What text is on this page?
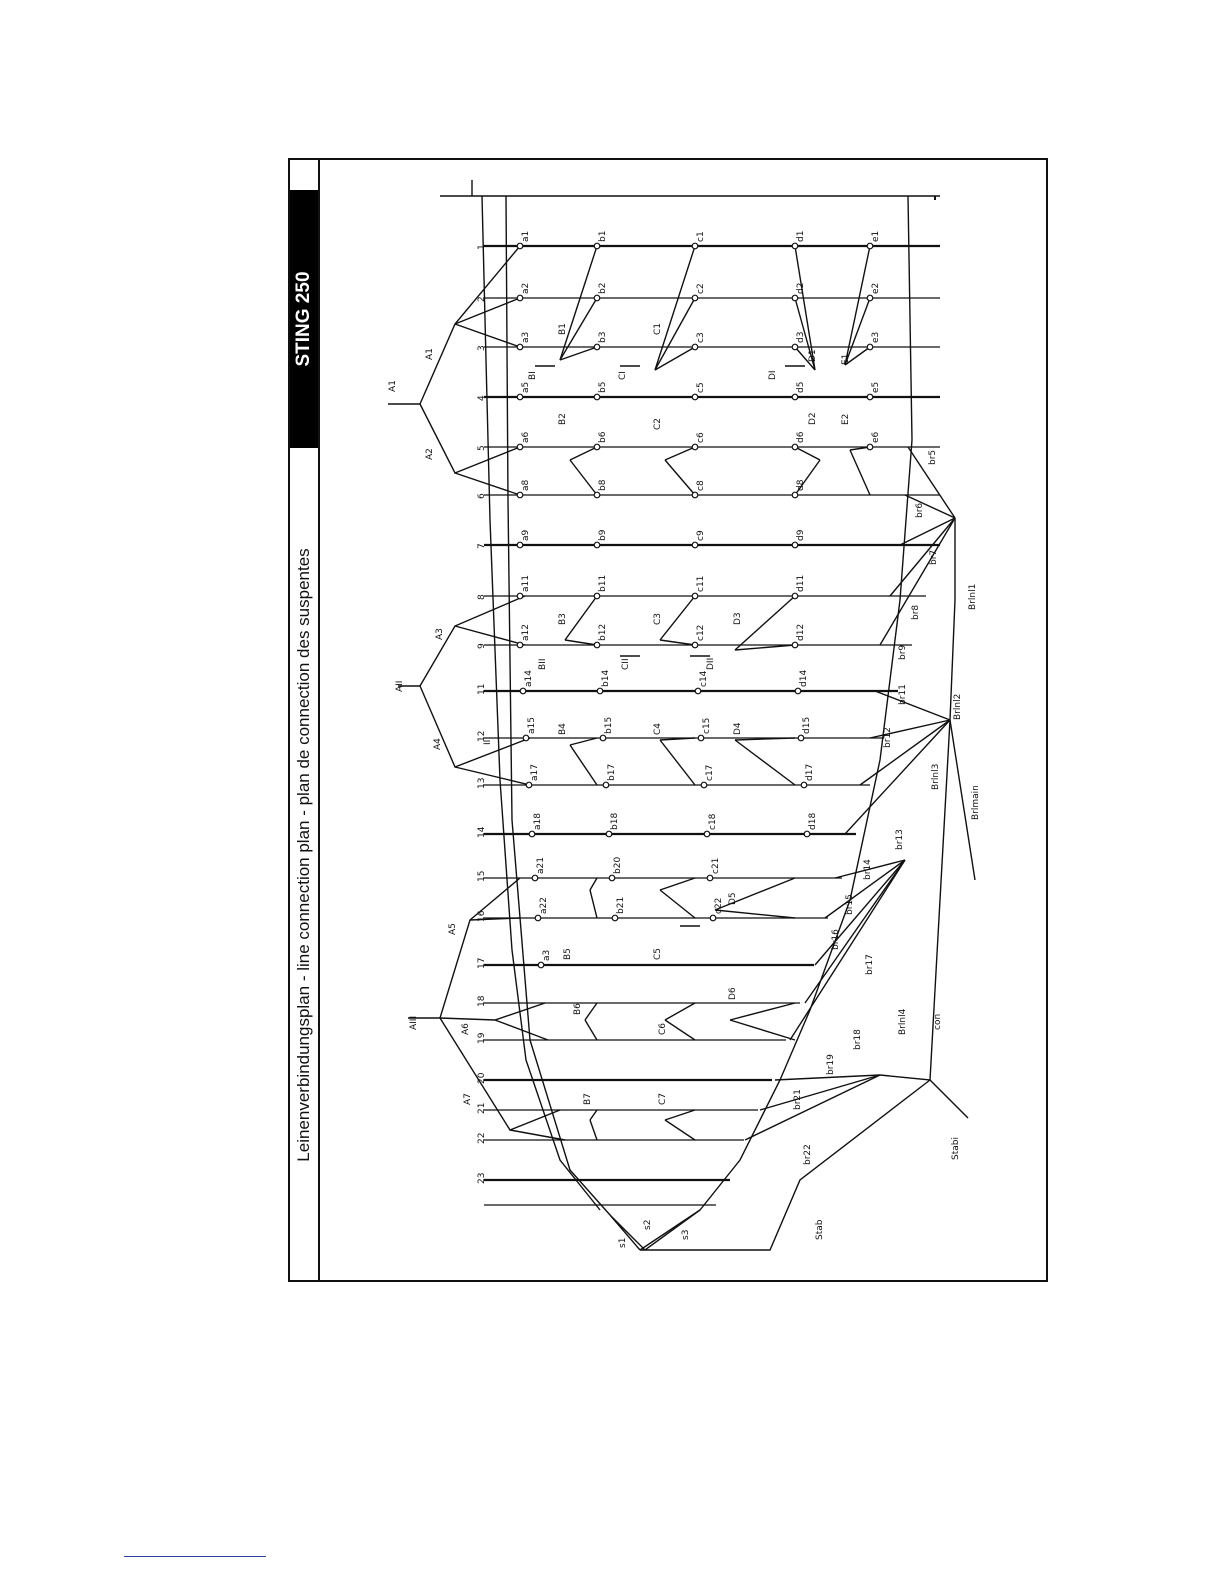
STING 250
Leinenverbindungsplan - line connection plan - plan de connection des suspentes
1
2
3
4
5
6
7
8
9
11
12
13
14
15
16
17
18
19
20
21
22
23
a1
a2
a3
a5
a6
a8
a9
a11
a12
a14
a15
a17
a18
a21
a22
a3
b1
b2
b3
b5
b6
b8
b9
b11
b12
b14
b15
b17
b18
b20
b21
c1
c2
c3
c5
c6
c8
c9
c11
c12
c14
c15
c17
c18
c21
c22
d1
d2
d3
d5
d6
d8
d9
d11
d12
d14
d15
d17
d18
e1
e2
e3
e5
e6
B1
B2
B3
B4
B5
B6
B7
C1
C2
C3
C4
C5
C6
C7
D1
D2
D3
D4
D5
D6
E1
E2
BI
BII
CI
CII
DI
DII
A1
A1
A2
A3
A4
A5
A6
A7
AII
AIII
II
br5
br6
br7
br8
br9
br11
br12
br13
br14
br15
br16
br17
br18
br19
br21
br22
Brlnl1
Brlnl2
Brlnl3
Brlnl4
Brlmain
con
s1
s2
s3	Stab
Stabi
